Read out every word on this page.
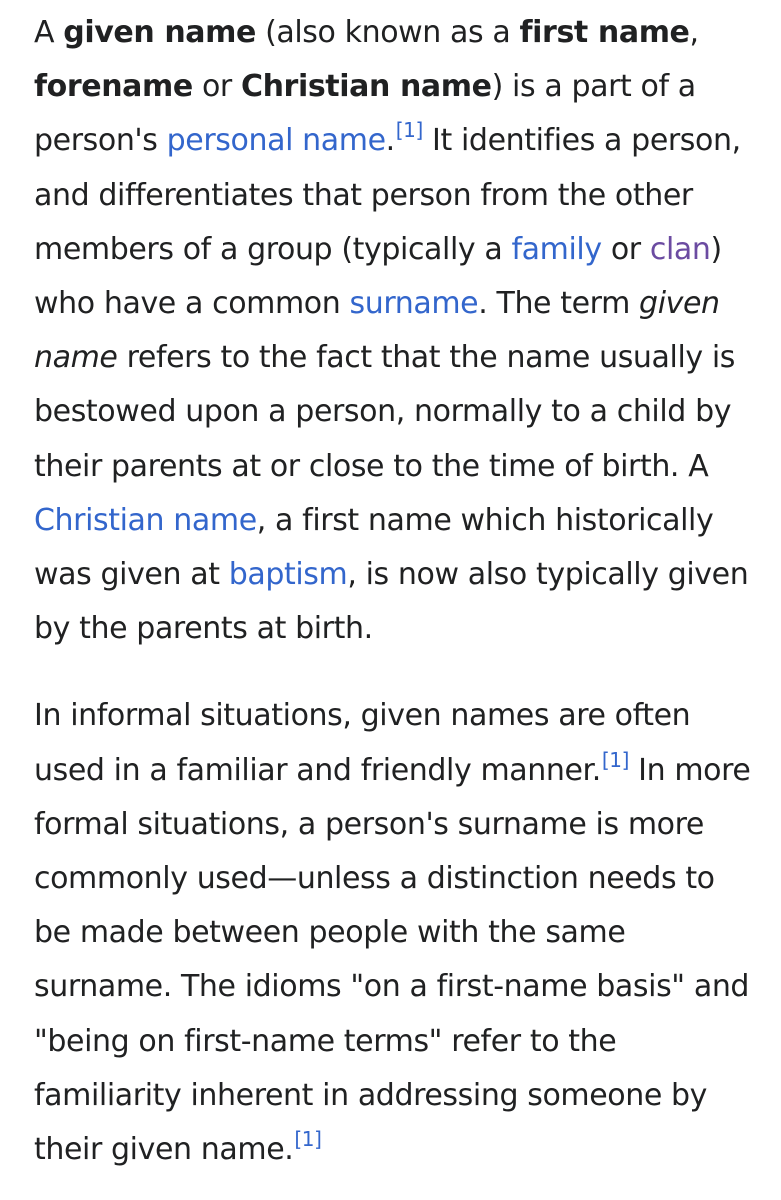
A given name (also known as a first name, forename or Christian name) is a part of a person's personal name.[1] It identifies a person, and differentiates that person from the other members of a group (typically a family or clan) who have a common surname. The term given name refers to the fact that the name usually is bestowed upon a person, normally to a child by their parents at or close to the time of birth. A Christian name, a first name which historically was given at baptism, is now also typically given by the parents at birth.

In informal situations, given names are often used in a familiar and friendly manner.[1] In more formal situations, a person's surname is more commonly used—unless a distinction needs to be made between people with the same surname. The idioms "on a first-name basis" and "being on first-name terms" refer to the familiarity inherent in addressing someone by their given name.[1]
